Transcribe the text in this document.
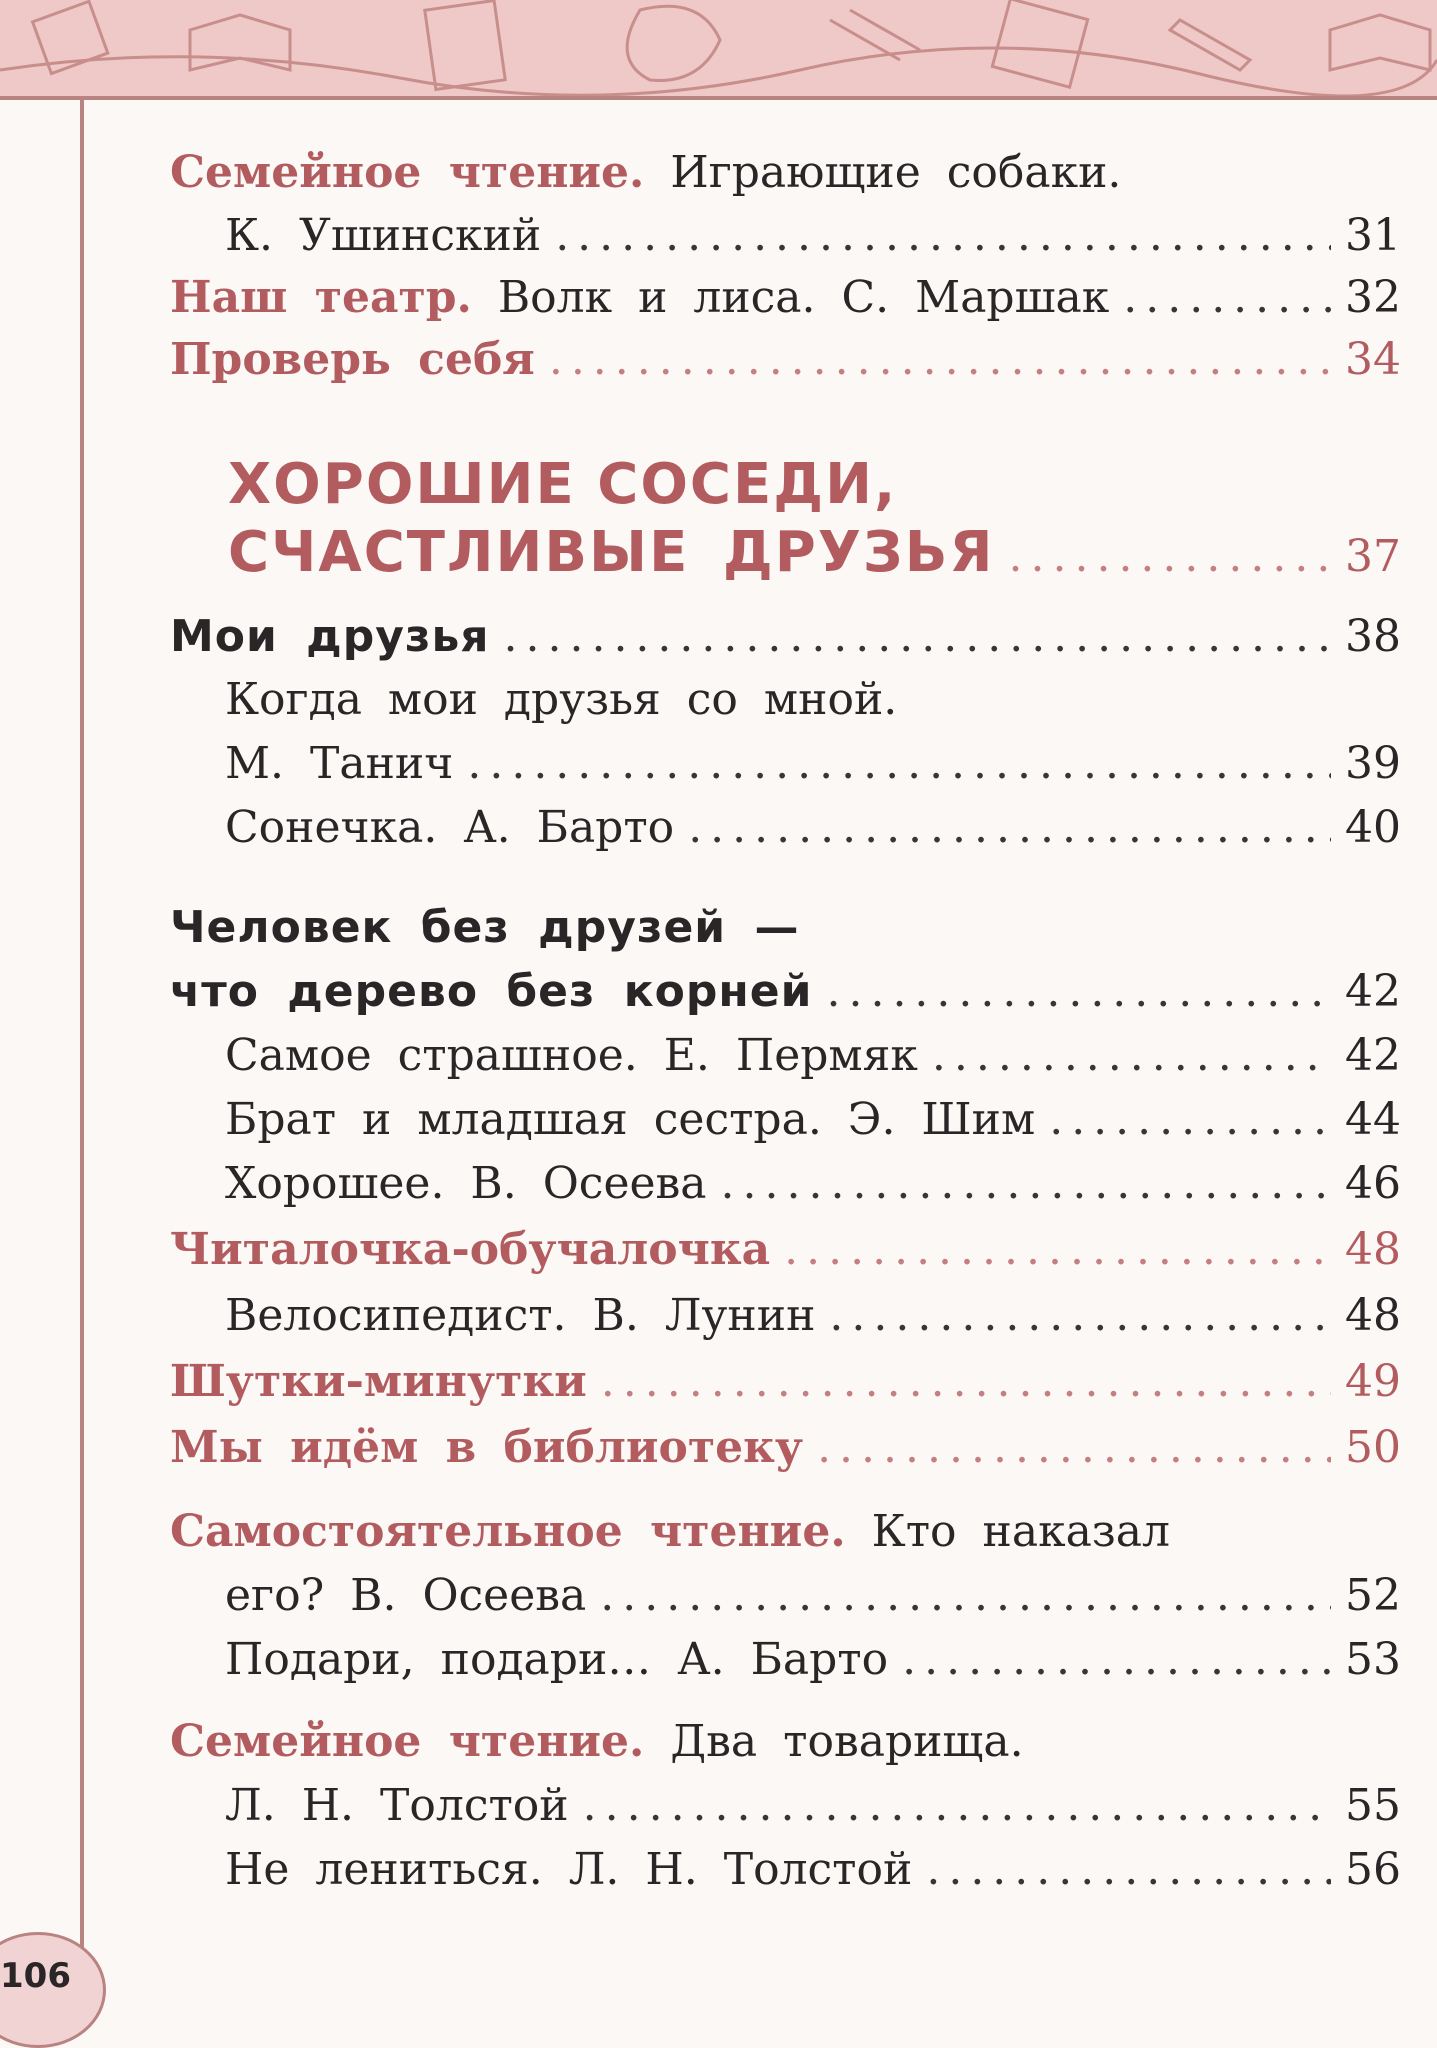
Семейное чтение. Играющие собаки.
К. Ушинский .....	31
Наш театр. Волк и лиса. С. Маршак .....	32
Проверь себя .....	34
ХОРОШИЕ СОСЕДИ,
СЧАСТЛИВЫЕ ДРУЗЬЯ .....	37
Мои друзья .....	38
Когда мои друзья со мной.
М. Танич .....	39
Сонечка. А. Барто .....	40
Человек без друзей —
что дерево без корней .....	42
Самое страшное. Е. Пермяк .....	42
Брат и младшая сестра. Э. Шим .....	44
Хорошее. В. Осеева .....	46
Читалочка-обучалочка .....	48
Велосипедист. В. Лунин .....	48
Шутки-минутки .....	49
Мы идём в библиотеку .....	50
Самостоятельное чтение. Кто наказал
его? В. Осеева .....	52
Подари, подари… А. Барто .....	53
Семейное чтение. Два товарища.
Л. Н. Толстой .....	55
Не лениться. Л. Н. Толстой .....	56
106
